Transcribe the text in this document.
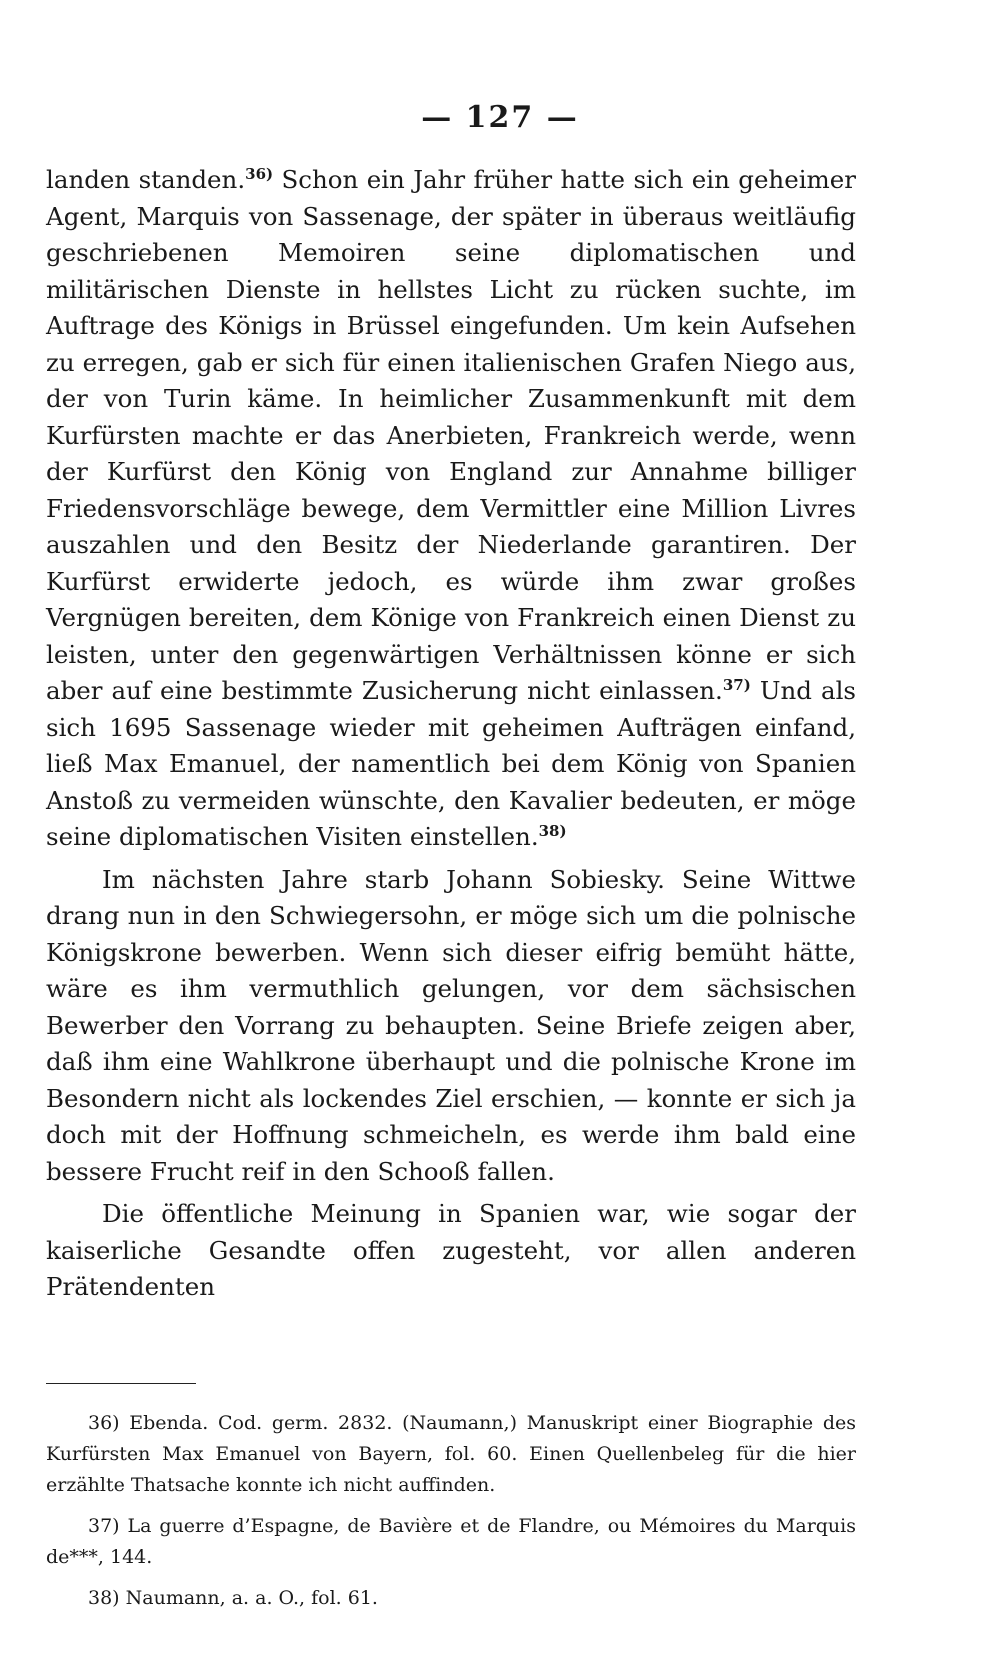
— 127 —

landen standen.$^{36)}$ Schon ein Jahr früher hatte sich ein geheimer Agent, Marquis von Sassenage, der später in überaus weitläufig geschriebenen Memoiren seine diplomatischen und militärischen Dienste in hellstes Licht zu rücken suchte, im Auftrage des Königs in Brüssel eingefunden. Um kein Aufsehen zu erregen, gab er sich für einen italienischen Grafen Niego aus, der von Turin käme. In heimlicher Zusammenkunft mit dem Kurfürsten machte er das Anerbieten, Frankreich werde, wenn der Kurfürst den König von England zur Annahme billiger Friedensvorschläge bewege, dem Vermittler eine Million Livres auszahlen und den Besitz der Niederlande garantiren. Der Kurfürst erwiderte jedoch, es würde ihm zwar großes Vergnügen bereiten, dem Könige von Frankreich einen Dienst zu leisten, unter den gegenwärtigen Verhältnissen könne er sich aber auf eine bestimmte Zusicherung nicht einlassen.$^{37)}$ Und als sich 1695 Sassenage wieder mit geheimen Aufträgen einfand, ließ Max Emanuel, der namentlich bei dem König von Spanien Anstoß zu vermeiden wünschte, den Kavalier bedeuten, er möge seine diplomatischen Visiten einstellen.$^{38)}$

Im nächsten Jahre starb Johann Sobiesky. Seine Wittwe drang nun in den Schwiegersohn, er möge sich um die polnische Königskrone bewerben. Wenn sich dieser eifrig bemüht hätte, wäre es ihm vermuthlich gelungen, vor dem sächsischen Bewerber den Vorrang zu behaupten. Seine Briefe zeigen aber, daß ihm eine Wahlkrone überhaupt und die polnische Krone im Besondern nicht als lockendes Ziel erschien, — konnte er sich ja doch mit der Hoffnung schmeicheln, es werde ihm bald eine bessere Frucht reif in den Schooß fallen.

Die öffentliche Meinung in Spanien war, wie sogar der kaiserliche Gesandte offen zugesteht, vor allen anderen Prätendenten

36) Ebenda. Cod. germ. 2832. (Naumann,) Manuskript einer Biographie des Kurfürsten Max Emanuel von Bayern, fol. 60. Einen Quellenbeleg für die hier erzählte Thatsache konnte ich nicht auffinden.

37) La guerre d’Espagne, de Bavière et de Flandre, ou Mémoires du Marquis de***, 144.

38) Naumann, a. a. O., fol. 61.
